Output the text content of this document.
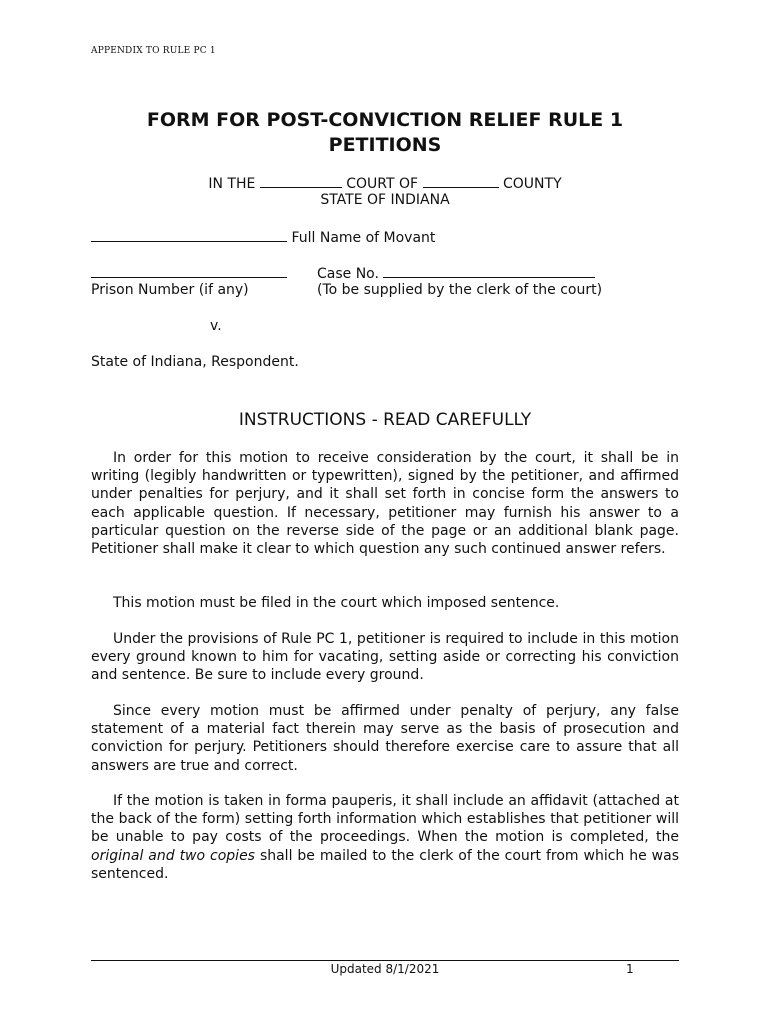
APPENDIX TO RULE PC 1
FORM FOR POST-CONVICTION RELIEF RULE 1
PETITIONS
IN THE	COURT OF	COUNTY
STATE OF INDIANA
Full Name of Movant
Case No.
Prison Number (if any)	(To be supplied by the clerk of the court)
v.
State of Indiana, Respondent.
INSTRUCTIONS - READ CAREFULLY

In order for this motion to receive consideration by the court, it shall be in writing (legibly handwritten or typewritten), signed by the petitioner, and affirmed under penalties for perjury, and it shall set forth in concise form the answers to each applicable question. If necessary, petitioner may furnish his answer to a particular question on the reverse side of the page or an additional blank page. Petitioner shall make it clear to which question any such continued answer refers.

This motion must be filed in the court which imposed sentence.

Under the provisions of Rule PC 1, petitioner is required to include in this motion every ground known to him for vacating, setting aside or correcting his conviction and sentence. Be sure to include every ground.

Since every motion must be affirmed under penalty of perjury, any false statement of a material fact therein may serve as the basis of prosecution and conviction for perjury. Petitioners should therefore exercise care to assure that all answers are true and correct.

If the motion is taken in forma pauperis, it shall include an affidavit (attached at the back of the form) setting forth information which establishes that petitioner will be unable to pay costs of the proceedings. When the motion is completed, the original and two copies shall be mailed to the clerk of the court from which he was sentenced.

Updated 8/1/2021	1
